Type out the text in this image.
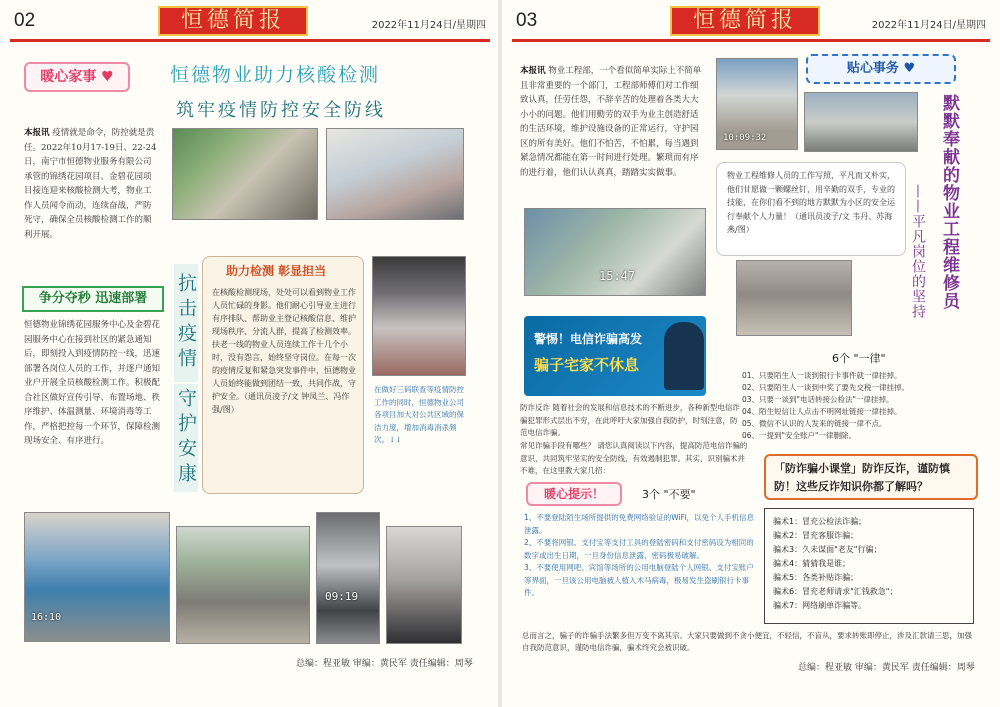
02	恒德简报	2022年11月24日/星期四
暖心家事 ♥	恒德物业助力核酸检测
筑牢疫情防控安全防线
本报讯 疫情就是命令，防控就是责任。2022年10月17-19日、22-24日，南宁市恒德物业服务有限公司承管的锦绣花园项目、金碧花园项目接连迎来核酸检测大考，物业工作人员闻令而动，连续奋战，严防死守，确保全员核酸检测工作的顺利开展。
争分夺秒 迅速部署
恒德物业锦绣花园服务中心及金碧花园服务中心在接到社区的紧急通知后，即刻投入到疫情防控一线，迅速部署各岗位人员的工作，并逐户通知业户开展全员核酸检测工作。积极配合社区做好宣传引导、布置场地、秩序维护、体温测量、环境消毒等工作，严格把控每一个环节，保障检测现场安全、有序进行。
抗击疫情
守护安康
助力检测 彰显担当
在核酸检测现场，处处可以看到物业工作人员忙碌的身影。他们耐心引导业主进行有序排队、帮助业主登记核酸信息、维护现场秩序、分流人群，提高了检测效率。扶老一线的物业人员连续工作十几个小时，没有怨言，始终坚守岗位。在每一次的疫情反复和紧急突发事件中，恒德物业人员始终能做到团结一致，共同作战，守护安全。（通讯员凌子/文 钟凤兰、冯作强/图）
在做好三码联查等疫情防控工作的同时，恒德物业公司各项目加大对公共区域的保洁力度，增加消毒消杀频次。↓↓
16:10
09:19
总编：程亚敏 审编：黄民军 责任编辑：周琴
03	恒德简报	2022年11月24日/星期四
本报讯 物业工程部，一个看似简单实际上不简单且非常重要的一个部门，工程部师傅们对工作细致认真，任劳任怨，不辞辛苦的处理着各类大大小小的问题。他们用勤劳的双手为业主创造舒适的生活环境，维护设施设备的正常运行，守护园区的所有美好。他们不怕苦，不怕累，每当遇到紧急情况都能在第一时间进行处理。繁琐而有序的进行着，他们认认真真，踏踏实实做事。
10:09:32
贴心事务 ♥
默默奉献的物业工程维修员
——平凡岗位的坚持
15:47
物业工程维修人员的工作写照，平凡而又朴实，他们甘愿做一颗螺丝钉，用辛勤的双手，专业的技能，在你们看不到的地方默默为小区的安全运行奉献个人力量！（通讯员凌子/文 韦丹、苏海燕/图）
警惕！电信诈骗高发
骗子宅家不休息	6个 "一律"
01、只要陌生人一谈到银行卡事件就一律挂掉。
02、只要陌生人一谈到中奖了要先交税一律挂掉。
03、只要一谈到"电话转接公检法"一律挂掉。
04、陌生短信让人点击不明网址链接一律挂掉。
05、微信不认识的人发来的链接一律不点。
06、一提到"安全账户"一律删除。
防诈反诈 随着社会的发展和信息技术的不断进步，各种新型电信诈骗犯罪形式层出不穷，在此呼吁大家加强自我防护，时刻注意，防范电信诈骗。
常见诈骗手段有哪些？ 请您认真阅读以下内容，提高防范电信诈骗的意识，共同筑牢坚实的安全防线，有效遏制犯罪。其实，识别骗术并不难，在这里教大家几招：
暖心提示！	3个 "不要"
1、不要登陆陌生场所提供的免费网络验证的WiFi，以免个人手机信息泄露。
2、不要将网银、支付宝等支付工具的登陆密码和支付密码设为相同的数字或出生日期，一旦身份信息泄露，密码极易破解。
3、不要使用网吧、宾馆等场所的公用电脑登陆个人网银、支付宝账户等界面，一旦该公用电脑被人植入木马病毒，极易发生盗刷银行卡事件。
「防诈骗小课堂」防诈反诈，谨防慎防！这些反诈知识你都了解吗？
骗术1：冒充公检法诈骗；
骗术2：冒充客服诈骗；
骗术3：久未谋面"老友"行骗；
骗术4：猜猜我是谁；
骗术5：各类补贴诈骗；
骗术6：冒充老师请求"汇钱救急"；
骗术7：网络刷单诈骗等。
总而言之，骗子的诈骗手法繁多但万变不离其宗。大家只要做到不贪小便宜，不轻信，不盲从，要求转账即停止，涉及汇款请三思，加强自我防范意识，谨防电信诈骗，骗术终究会被识破。
总编：程亚敏 审编：黄民军 责任编辑：周琴
